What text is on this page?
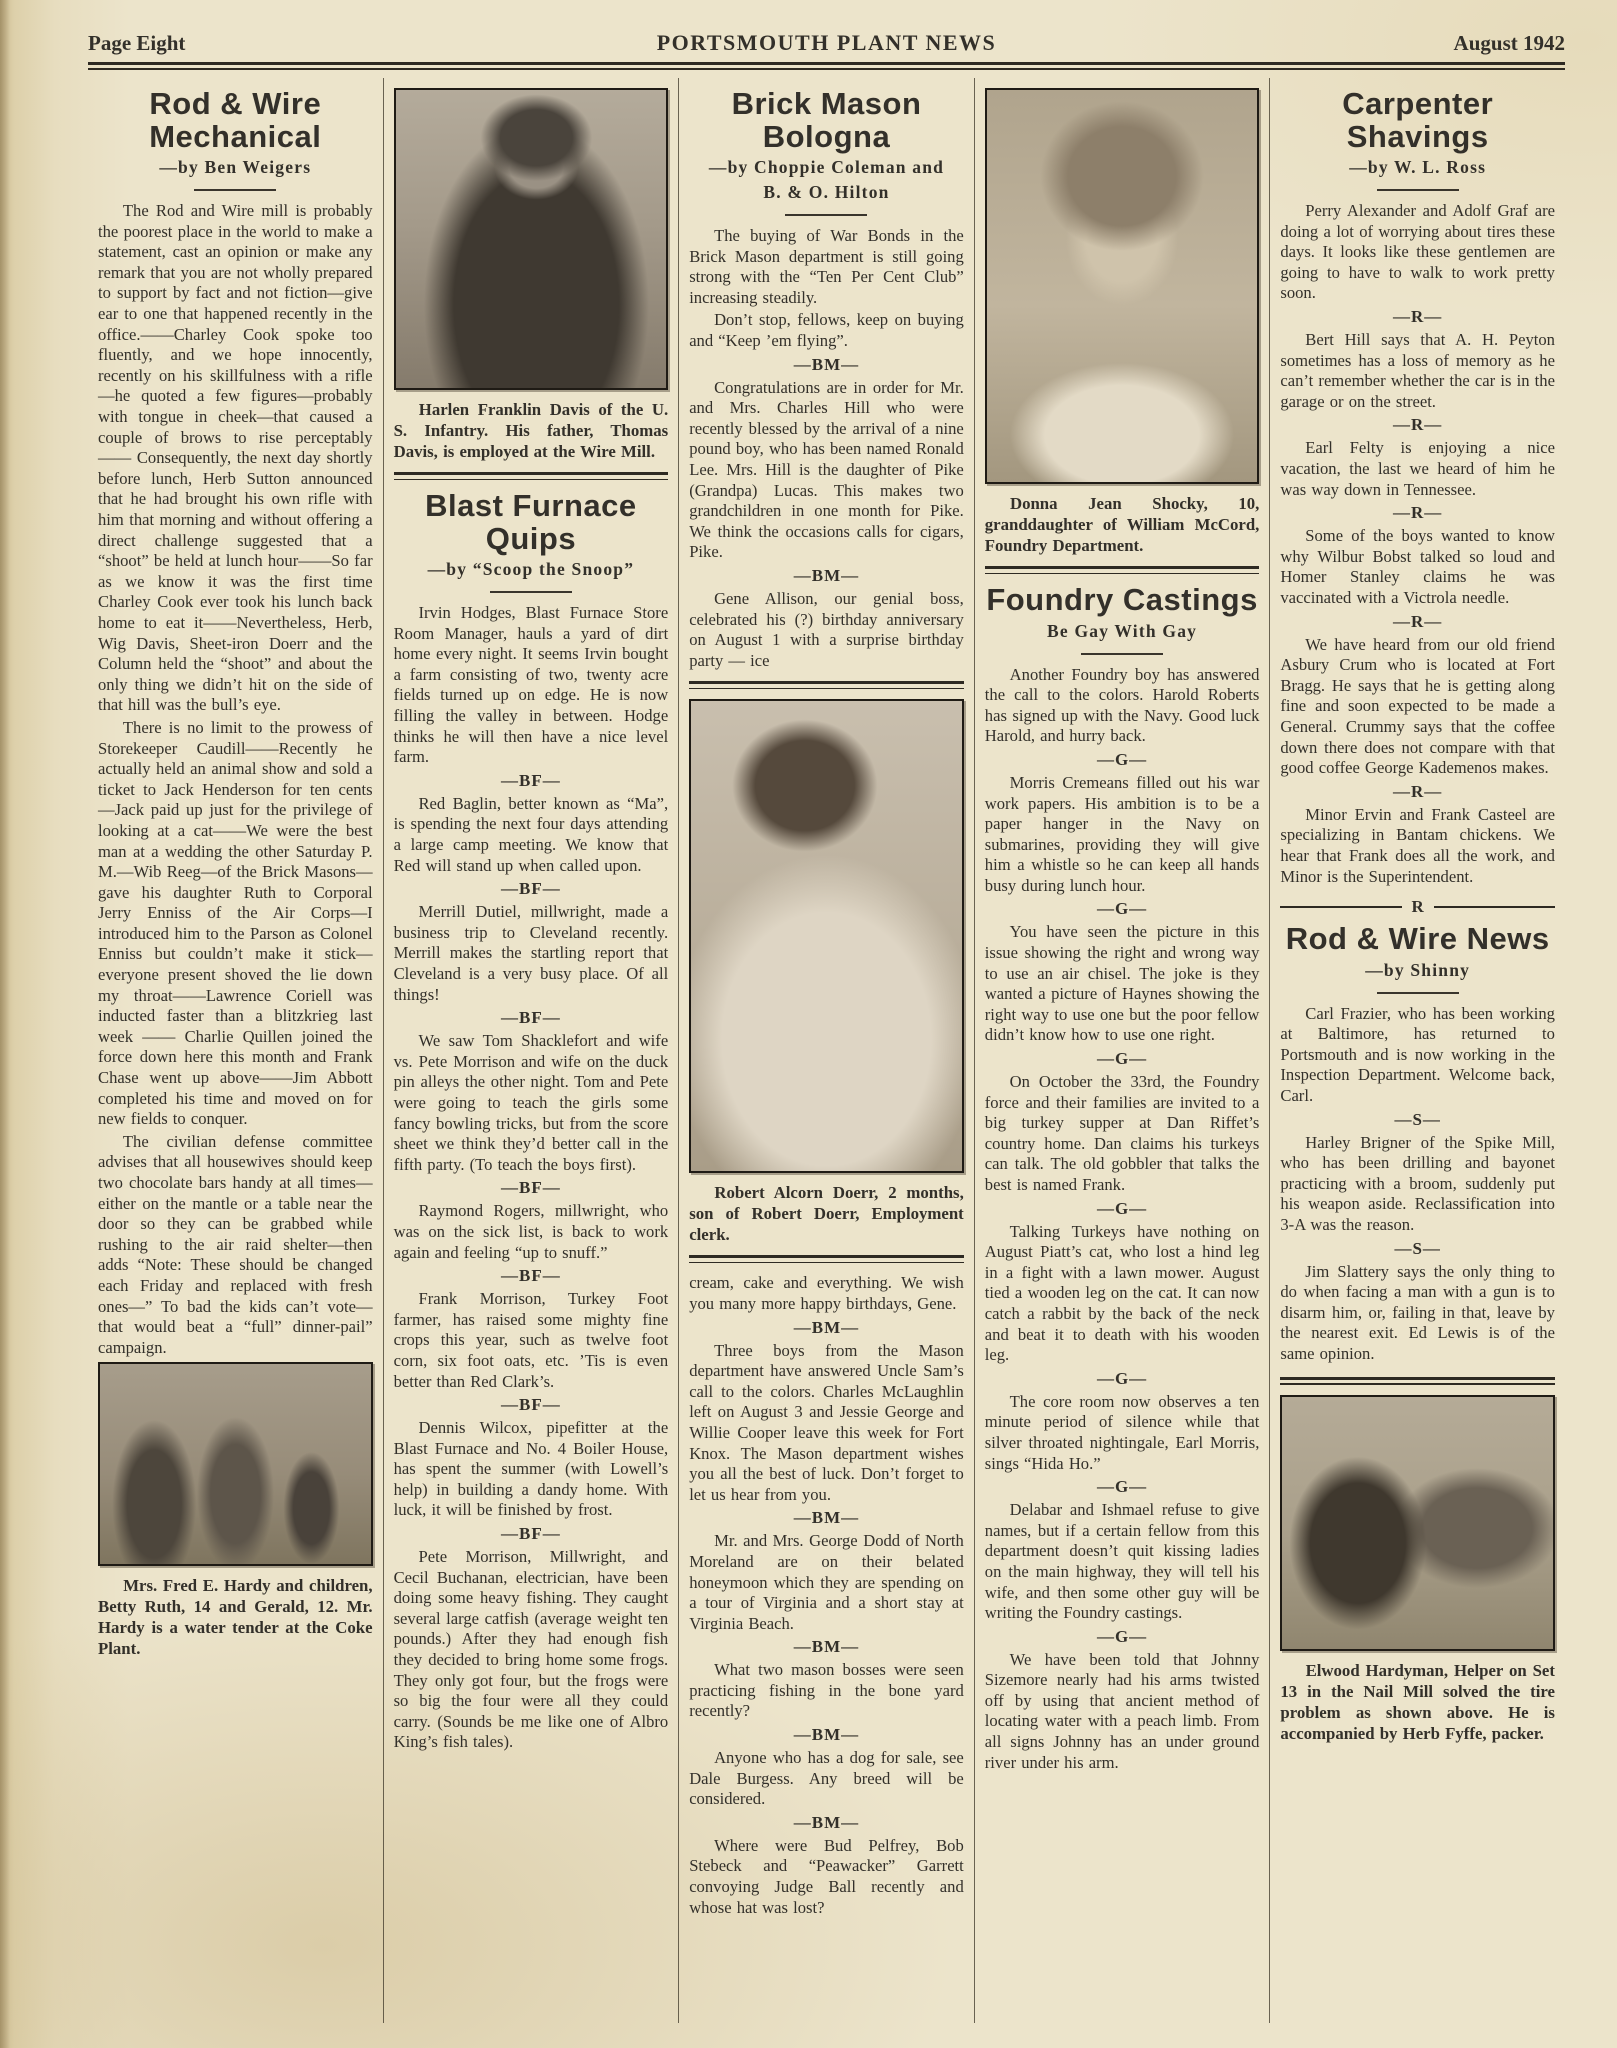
Page Eight	PORTSMOUTH PLANT NEWS	August 1942
Rod & Wire Mechanical
—by Ben Weigers

The Rod and Wire mill is probably the poorest place in the world to make a statement, cast an opinion or make any remark that you are not wholly prepared to support by fact and not fiction—give ear to one that happened recently in the office.——Charley Cook spoke too fluently, and we hope innocently, recently on his skillfulness with a rifle —he quoted a few figures—probably with tongue in cheek—that caused a couple of brows to rise perceptably —— Consequently, the next day shortly before lunch, Herb Sutton announced that he had brought his own rifle with him that morning and without offering a direct challenge suggested that a “shoot” be held at lunch hour——So far as we know it was the first time Charley Cook ever took his lunch back home to eat it——Nevertheless, Herb, Wig Davis, Sheet-iron Doerr and the Column held the “shoot” and about the only thing we didn’t hit on the side of that hill was the bull’s eye.

There is no limit to the prowess of Storekeeper Caudill——Recently he actually held an animal show and sold a ticket to Jack Henderson for ten cents —Jack paid up just for the privilege of looking at a cat——We were the best man at a wedding the other Saturday P. M.—Wib Reeg—of the Brick Masons—gave his daughter Ruth to Corporal Jerry Enniss of the Air Corps—I introduced him to the Parson as Colonel Enniss but couldn’t make it stick—everyone present shoved the lie down my throat——Lawrence Coriell was inducted faster than a blitzkrieg last week —— Charlie Quillen joined the force down here this month and Frank Chase went up above——Jim Abbott completed his time and moved on for new fields to conquer.

The civilian defense committee advises that all housewives should keep two chocolate bars handy at all times—either on the mantle or a table near the door so they can be grabbed while rushing to the air raid shelter—then adds “Note: These should be changed each Friday and replaced with fresh ones—” To bad the kids can’t vote—that would beat a “full” dinner-pail” campaign.

Mrs. Fred E. Hardy and children, Betty Ruth, 14 and Gerald, 12. Mr. Hardy is a water tender at the Coke Plant.

Harlen Franklin Davis of the U. S. Infantry. His father, Thomas Davis, is employed at the Wire Mill.

Blast Furnace Quips
—by “Scoop the Snoop”

Irvin Hodges, Blast Furnace Store Room Manager, hauls a yard of dirt home every night. It seems Irvin bought a farm consisting of two, twenty acre fields turned up on edge. He is now filling the valley in between. Hodge thinks he will then have a nice level farm.

—BF—

Red Baglin, better known as “Ma”, is spending the next four days attending a large camp meeting. We know that Red will stand up when called upon.

—BF—

Merrill Dutiel, millwright, made a business trip to Cleveland recently. Merrill makes the startling report that Cleveland is a very busy place. Of all things!

—BF—

We saw Tom Shacklefort and wife vs. Pete Morrison and wife on the duck pin alleys the other night. Tom and Pete were going to teach the girls some fancy bowling tricks, but from the score sheet we think they’d better call in the fifth party. (To teach the boys first).

—BF—

Raymond Rogers, millwright, who was on the sick list, is back to work again and feeling “up to snuff.”

—BF—

Frank Morrison, Turkey Foot farmer, has raised some mighty fine crops this year, such as twelve foot corn, six foot oats, etc. ’Tis is even better than Red Clark’s.

—BF—

Dennis Wilcox, pipefitter at the Blast Furnace and No. 4 Boiler House, has spent the summer (with Lowell’s help) in building a dandy home. With luck, it will be finished by frost.

—BF—

Pete Morrison, Millwright, and Cecil Buchanan, electrician, have been doing some heavy fishing. They caught several large catfish (average weight ten pounds.) After they had enough fish they decided to bring home some frogs. They only got four, but the frogs were so big the four were all they could carry. (Sounds be me like one of Albro King’s fish tales).

Brick Mason Bologna
—by Choppie Coleman and
B. & O. Hilton

The buying of War Bonds in the Brick Mason department is still going strong with the “Ten Per Cent Club” increasing steadily.

Don’t stop, fellows, keep on buying and “Keep ’em flying”.

—BM—

Congratulations are in order for Mr. and Mrs. Charles Hill who were recently blessed by the arrival of a nine pound boy, who has been named Ronald Lee. Mrs. Hill is the daughter of Pike (Grandpa) Lucas. This makes two grandchildren in one month for Pike. We think the occasions calls for cigars, Pike.

—BM—

Gene Allison, our genial boss, celebrated his (?) birthday anniversary on August 1 with a surprise birthday party — ice

Robert Alcorn Doerr, 2 months, son of Robert Doerr, Employment clerk.

cream, cake and everything. We wish you many more happy birthdays, Gene.

—BM—

Three boys from the Mason department have answered Uncle Sam’s call to the colors. Charles McLaughlin left on August 3 and Jessie George and Willie Cooper leave this week for Fort Knox. The Mason department wishes you all the best of luck. Don’t forget to let us hear from you.

—BM—

Mr. and Mrs. George Dodd of North Moreland are on their belated honeymoon which they are spending on a tour of Virginia and a short stay at Virginia Beach.

—BM—

What two mason bosses were seen practicing fishing in the bone yard recently?

—BM—

Anyone who has a dog for sale, see Dale Burgess. Any breed will be considered.

—BM—

Where were Bud Pelfrey, Bob Stebeck and “Peawacker” Garrett convoying Judge Ball recently and whose hat was lost?

Donna Jean Shocky, 10, granddaughter of William McCord, Foundry Department.

Foundry Castings
Be Gay With Gay

Another Foundry boy has answered the call to the colors. Harold Roberts has signed up with the Navy. Good luck Harold, and hurry back.

—G—

Morris Cremeans filled out his war work papers. His ambition is to be a paper hanger in the Navy on submarines, providing they will give him a whistle so he can keep all hands busy during lunch hour.

—G—

You have seen the picture in this issue showing the right and wrong way to use an air chisel. The joke is they wanted a picture of Haynes showing the right way to use one but the poor fellow didn’t know how to use one right.

—G—

On October the 33rd, the Foundry force and their families are invited to a big turkey supper at Dan Riffet’s country home. Dan claims his turkeys can talk. The old gobbler that talks the best is named Frank.

—G—

Talking Turkeys have nothing on August Piatt’s cat, who lost a hind leg in a fight with a lawn mower. August tied a wooden leg on the cat. It can now catch a rabbit by the back of the neck and beat it to death with his wooden leg.

—G—

The core room now observes a ten minute period of silence while that silver throated nightingale, Earl Morris, sings “Hida Ho.”

—G—

Delabar and Ishmael refuse to give names, but if a certain fellow from this department doesn’t quit kissing ladies on the main highway, they will tell his wife, and then some other guy will be writing the Foundry castings.

—G—

We have been told that Johnny Sizemore nearly had his arms twisted off by using that ancient method of locating water with a peach limb. From all signs Johnny has an under ground river under his arm.

Carpenter Shavings
—by W. L. Ross

Perry Alexander and Adolf Graf are doing a lot of worrying about tires these days. It looks like these gentlemen are going to have to walk to work pretty soon.

—R—

Bert Hill says that A. H. Peyton sometimes has a loss of memory as he can’t remember whether the car is in the garage or on the street.

—R—

Earl Felty is enjoying a nice vacation, the last we heard of him he was way down in Tennessee.

—R—

Some of the boys wanted to know why Wilbur Bobst talked so loud and Homer Stanley claims he was vaccinated with a Victrola needle.

—R—

We have heard from our old friend Asbury Crum who is located at Fort Bragg. He says that he is getting along fine and soon expected to be made a General. Crummy says that the coffee down there does not compare with that good coffee George Kademenos makes.

—R—

Minor Ervin and Frank Casteel are specializing in Bantam chickens. We hear that Frank does all the work, and Minor is the Superintendent.

R
Rod & Wire News
—by Shinny

Carl Frazier, who has been working at Baltimore, has returned to Portsmouth and is now working in the Inspection Department. Welcome back, Carl.

—S—

Harley Brigner of the Spike Mill, who has been drilling and bayonet practicing with a broom, suddenly put his weapon aside. Reclassification into 3-A was the reason.

—S—

Jim Slattery says the only thing to do when facing a man with a gun is to disarm him, or, failing in that, leave by the nearest exit. Ed Lewis is of the same opinion.

Elwood Hardyman, Helper on Set 13 in the Nail Mill solved the tire problem as shown above. He is accompanied by Herb Fyffe, packer.
